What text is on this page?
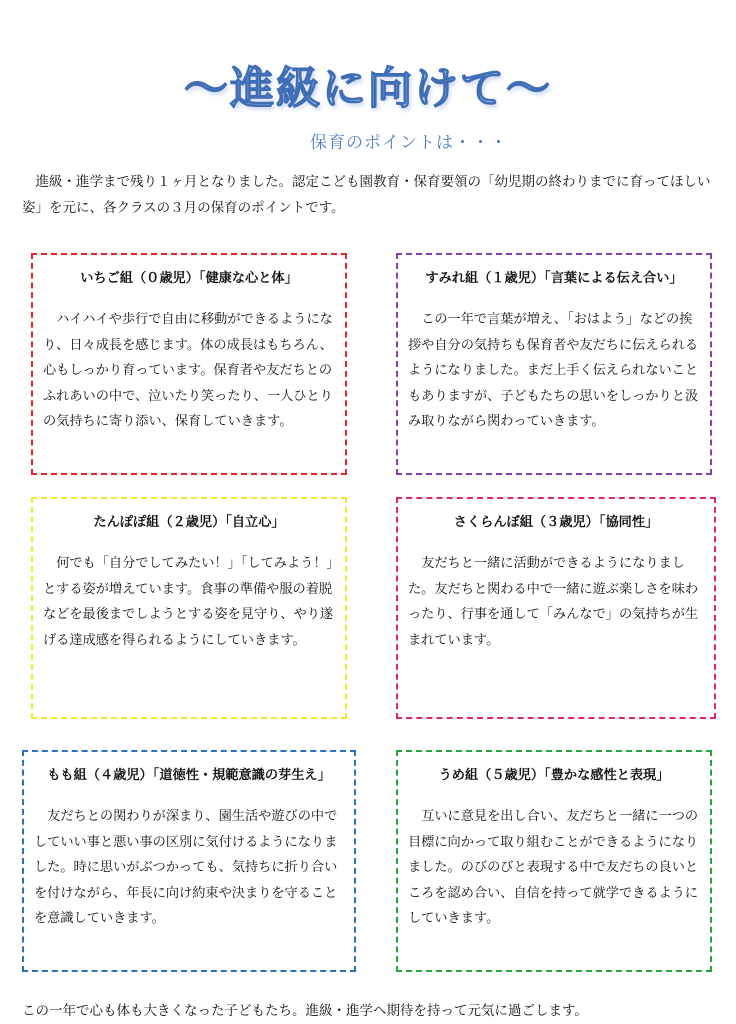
〜進級に向けて〜
保育のポイントは・・・
進級・進学まで残り１ヶ月となりました。認定こども園教育・保育要領の「幼児期の終わりまでに育ってほしい姿」を元に、各クラスの３月の保育のポイントです。
いちご組（０歳児）「健康な心と体」
ハイハイや歩行で自由に移動ができるようになり、日々成長を感じます。体の成長はもちろん、心もしっかり育っています。保育者や友だちとのふれあいの中で、泣いたり笑ったり、一人ひとりの気持ちに寄り添い、保育していきます。
すみれ組（１歳児）「言葉による伝え合い」
この一年で言葉が増え、「おはよう」などの挨拶や自分の気持ちも保育者や友だちに伝えられるようになりました。まだ上手く伝えられないこともありますが、子どもたちの思いをしっかりと汲み取りながら関わっていきます。
たんぽぽ組（２歳児）「自立心」
何でも「自分でしてみたい！」「してみよう！」とする姿が増えています。食事の準備や服の着脱などを最後までしようとする姿を見守り、やり遂げる達成感を得られるようにしていきます。
さくらんぼ組（３歳児）「協同性」
友だちと一緒に活動ができるようになりました。友だちと関わる中で一緒に遊ぶ楽しさを味わったり、行事を通して「みんなで」の気持ちが生まれています。
もも組（４歳児）「道徳性・規範意識の芽生え」
友だちとの関わりが深まり、園生活や遊びの中でしていい事と悪い事の区別に気付けるようになりました。時に思いがぶつかっても、気持ちに折り合いを付けながら、年長に向け約束や決まりを守ることを意識していきます。
うめ組（５歳児）「豊かな感性と表現」
互いに意見を出し合い、友だちと一緒に一つの目標に向かって取り組むことができるようになりました。のびのびと表現する中で友だちの良いところを認め合い、自信を持って就学できるようにしていきます。
この一年で心も体も大きくなった子どもたち。進級・進学へ期待を持って元気に過ごします。
